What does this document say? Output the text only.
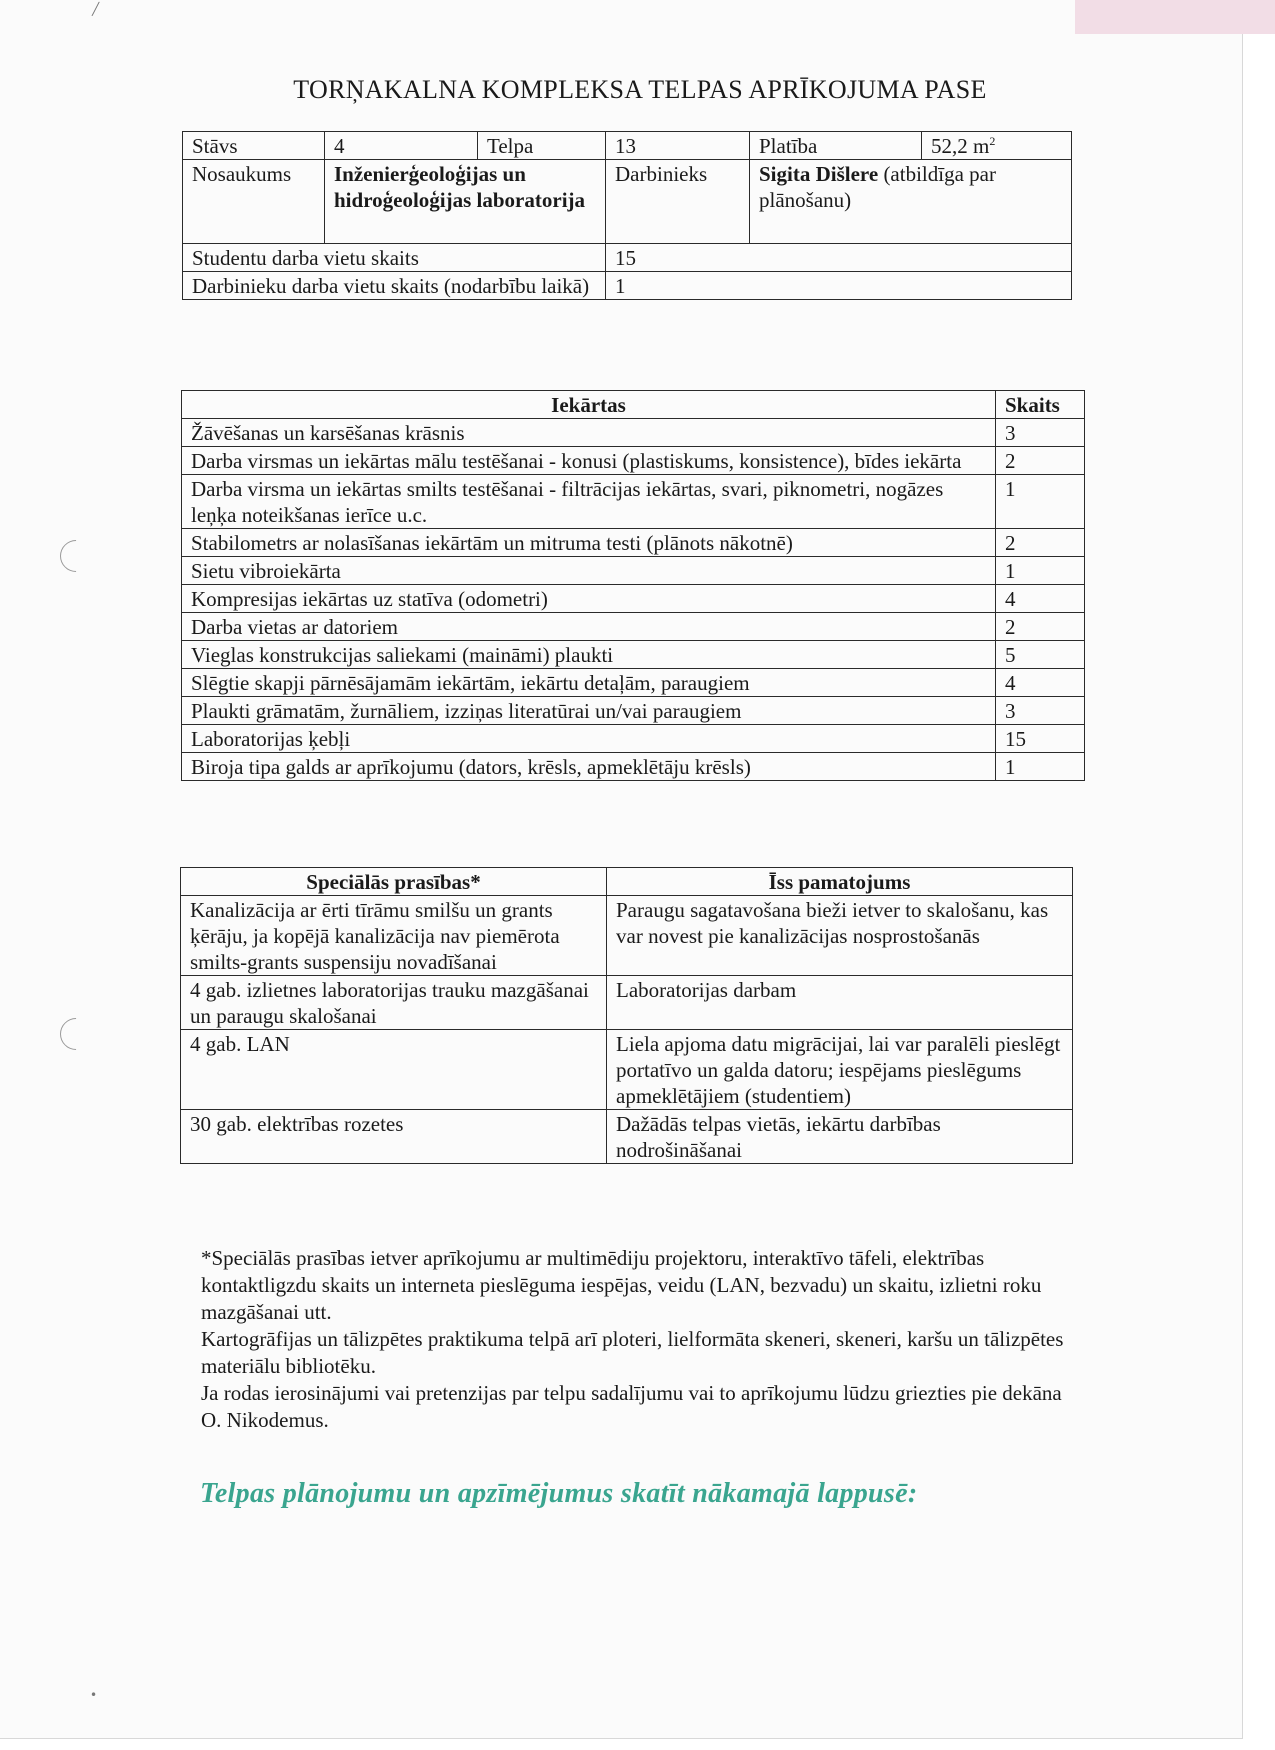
╱
•
TORŅAKALNA KOMPLEKSA TELPAS APRĪKOJUMA PASE
Stāvs	4	Telpa	13	Platība	52,2 $m^2$
Nosaukums	Inženierģeoloģijas un hidroģeoloģijas laboratorija		Darbinieks	Sigita Dišlere (atbildīga par plānošanu)	
Studentu darba vietu skaits			15		
Darbinieku darba vietu skaits (nodarbību laikā)			1		
Iekārtas	Skaits
Žāvēšanas un karsēšanas krāsnis	3
Darba virsmas un iekārtas mālu testēšanai - konusi (plastiskums, konsistence), bīdes iekārta	2
Darba virsma un iekārtas smilts testēšanai - filtrācijas iekārtas, svari, piknometri, nogāzes leņķa noteikšanas ierīce u.c.	1
Stabilometrs ar nolasīšanas iekārtām un mitruma testi (plānots nākotnē)	2
Sietu vibroiekārta	1
Kompresijas iekārtas uz statīva (odometri)	4
Darba vietas ar datoriem	2
Vieglas konstrukcijas saliekami (maināmi) plaukti	5
Slēgtie skapji pārnēsājamām iekārtām, iekārtu detaļām, paraugiem	4
Plaukti grāmatām, žurnāliem, izziņas literatūrai un/vai paraugiem	3
Laboratorijas ķebļi	15
Biroja tipa galds ar aprīkojumu (dators, krēsls, apmeklētāju krēsls)	1
Speciālās prasības*	Īss pamatojums
Kanalizācija ar ērti tīrāmu smilšu un grants ķērāju, ja kopējā kanalizācija nav piemērota smilts-grants suspensiju novadīšanai	Paraugu sagatavošana bieži ietver to skalošanu, kas var novest pie kanalizācijas nosprostošanās
4 gab. izlietnes laboratorijas trauku mazgāšanai un paraugu skalošanai	Laboratorijas darbam
4 gab. LAN	Liela apjoma datu migrācijai, lai var paralēli pieslēgt portatīvo un galda datoru; iespējams pieslēgums apmeklētājiem (studentiem)
30 gab. elektrības rozetes	Dažādās telpas vietās, iekārtu darbības nodrošināšanai

*Speciālās prasības ietver aprīkojumu ar multimēdiju projektoru, interaktīvo tāfeli, elektrības kontaktligzdu skaits un interneta pieslēguma iespējas, veidu (LAN, bezvadu) un skaitu, izlietni roku mazgāšanai utt.

Kartogrāfijas un tālizpētes praktikuma telpā arī ploteri, lielformāta skeneri, skeneri, karšu un tālizpētes materiālu bibliotēku.

Ja rodas ierosinājumi vai pretenzijas par telpu sadalījumu vai to aprīkojumu lūdzu griezties pie dekāna O. Nikodemus.

Telpas plānojumu un apzīmējumus skatīt nākamajā lappusē:
